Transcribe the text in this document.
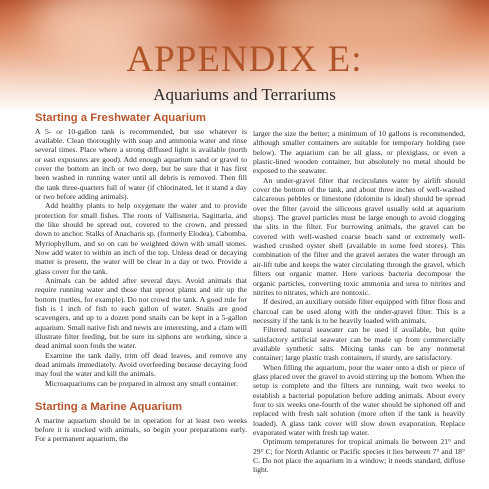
APPENDIX E:
Aquariums and Terrariums
Starting a Freshwater Aquarium

A 5- or 10-gallon tank is recommended, but use whatever is available. Clean thoroughly with soap and ammonia water and rinse several times. Place where a strong diffused light is available (north or east exposures are good). Add enough aquarium sand or gravel to cover the bottom an inch or two deep, but be sure that it has first been washed in running water until all debris is removed. Then fill the tank three-quarters full of water (if chlorinated, let it stand a day or two before adding animals).

Add healthy plants to help oxygenate the water and to provide protection for small fishes. The roots of Vallisneria, Sagittaria, and the like should be spread out, covered to the crown, and pressed down to anchor. Stalks of Anacharis sp. (formerly Elodea), Cabomba, Myriophyllum, and so on can be weighted down with small stones. Now add water to within an inch of the top. Unless dead or decaying matter is present, the water will be clear in a day or two. Provide a glass cover for the tank.

Animals can be added after several days. Avoid animals that require running water and those that uproot plants and stir up the bottom (turtles, for example). Do not crowd the tank. A good rule for fish is 1 inch of fish to each gallon of water. Snails are good scavengers, and up to a dozen pond snails can be kept in a 5-gallon aquarium. Small native fish and newts are interesting, and a clam will illustrate filter feeding, but be sure its siphons are working, since a dead animal soon fouls the water.

Examine the tank daily, trim off dead leaves, and remove any dead animals immediately. Avoid overfeeding because decaying food may foul the water and kill the animals.

Microaquariums can be prepared in almost any small container.

Starting a Marine Aquarium

A marine aquarium should be in operation for at least two weeks before it is stocked with animals, so begin your preparations early. For a permanent aquarium, the

larger the size the better; a minimum of 10 gallons is recommended, although smaller containers are suitable for temporary holding (see below). The aquarium can be all glass, or plexiglass, or even a plastic-lined wooden container, but absolutely no metal should be exposed to the seawater.

An under-gravel filter that recirculates water by airlift should cover the bottom of the tank, and about three inches of well-washed calcareous pebbles or limestone (dolomite is ideal) should be spread over the filter (avoid the siliceous gravel usually sold at aquarium shops). The gravel particles must be large enough to avoid clogging the slits in the filter. For burrowing animals, the gravel can be covered with well-washed coarse beach sand or extremely well-washed crushed oyster shell (available in some feed stores). This combination of the filter and the gravel aerates the water through an air-lift tube and keeps the water circulating through the gravel, which filters out organic matter. Here various bacteria decompose the organic particles, converting toxic ammonia and urea to nitrites and nitrites to nitrates, which are nontoxic.

If desired, an auxiliary outside filter equipped with filter floss and charcoal can be used along with the under-gravel filter. This is a necessity if the tank is to be heavily loaded with animals.

Filtered natural seawater can be used if available, but quite satisfactory artificial seawater can be made up from commercially available synthetic salts. Mixing tanks can be any nonmetal container; large plastic trash containers, if sturdy, are satisfactory.

When filling the aquarium, pour the water onto a dish or piece of glass placed over the gravel to avoid stirring up the bottom. When the setup is complete and the filters are running, wait two weeks to establish a bacterial population before adding animals. About every four to six weeks one-fourth of the water should be siphoned off and replaced with fresh salt solution (more often if the tank is heavily loaded). A glass tank cover will slow down evaporation. Replace evaporated water with fresh tap water.

Optimum temperatures for tropical animals lie between 21° and 29° C; for North Atlantic or Pacific species it lies between 7° and 18° C. Do not place the aquarium in a window; it needs standard, diffuse light.
